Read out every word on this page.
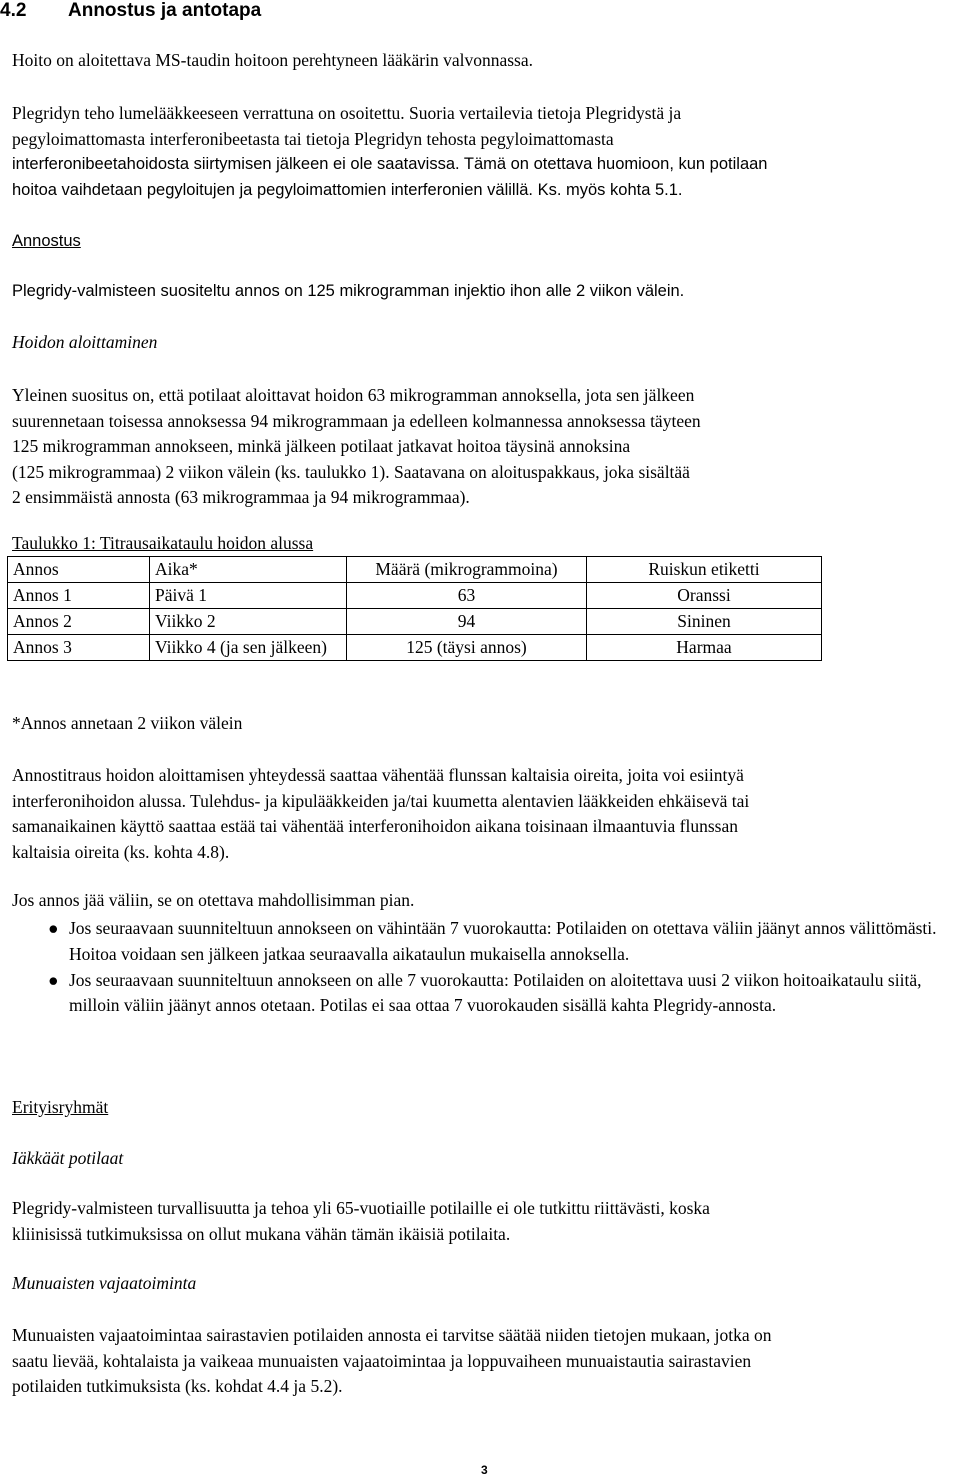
4.2 Annostus ja antotapa
Hoito on aloitettava MS-taudin hoitoon perehtyneen lääkärin valvonnassa.
Plegridyn teho lumelääkkeeseen verrattuna on osoitettu. Suoria vertailevia tietoja Plegridystä ja
pegyloimattomasta interferonibeetasta tai tietoja Plegridyn tehosta pegyloimattomasta
interferonibeetahoidosta siirtymisen jälkeen ei ole saatavissa. Tämä on otettava huomioon, kun potilaan
hoitoa vaihdetaan pegyloitujen ja pegyloimattomien interferonien välillä. Ks. myös kohta 5.1.
Annostus
Plegridy-valmisteen suositeltu annos on 125 mikrogramman injektio ihon alle 2 viikon välein.
Hoidon aloittaminen
Yleinen suositus on, että potilaat aloittavat hoidon 63 mikrogramman annoksella, jota sen jälkeen
suurennetaan toisessa annoksessa 94 mikrogrammaan ja edelleen kolmannessa annoksessa täyteen
125 mikrogramman annokseen, minkä jälkeen potilaat jatkavat hoitoa täysinä annoksina
(125 mikrogrammaa) 2 viikon välein (ks. taulukko 1). Saatavana on aloituspakkaus, joka sisältää
2 ensimmäistä annosta (63 mikrogrammaa ja 94 mikrogrammaa).
Taulukko 1: Titrausaikataulu hoidon alussa
Annos	Aika*	Määrä (mikrogrammoina)	Ruiskun etiketti
Annos 1	Päivä 1	63	Oranssi
Annos 2	Viikko 2	94	Sininen
Annos 3	Viikko 4 (ja sen jälkeen)	125 (täysi annos)	Harmaa
*Annos annetaan 2 viikon välein
Annostitraus hoidon aloittamisen yhteydessä saattaa vähentää flunssan kaltaisia oireita, joita voi esiintyä
interferonihoidon alussa. Tulehdus- ja kipulääkkeiden ja/tai kuumetta alentavien lääkkeiden ehkäisevä tai
samanaikainen käyttö saattaa estää tai vähentää interferonihoidon aikana toisinaan ilmaantuvia flunssan
kaltaisia oireita (ks. kohta 4.8).
Jos annos jää väliin, se on otettava mahdollisimman pian.
● Jos seuraavaan suunniteltuun annokseen on vähintään 7 vuorokautta: Potilaiden on otettava väliin jäänyt annos välittömästi. Hoitoa voidaan sen jälkeen jatkaa seuraavalla aikataulun mukaisella annoksella.
● Jos seuraavaan suunniteltuun annokseen on alle 7 vuorokautta: Potilaiden on aloitettava uusi 2 viikon hoitoaikataulu siitä, milloin väliin jäänyt annos otetaan. Potilas ei saa ottaa 7 vuorokauden sisällä kahta Plegridy-annosta.
Erityisryhmät
Iäkkäät potilaat
Plegridy-valmisteen turvallisuutta ja tehoa yli 65-vuotiaille potilaille ei ole tutkittu riittävästi, koska
kliinisissä tutkimuksissa on ollut mukana vähän tämän ikäisiä potilaita.
Munuaisten vajaatoiminta
Munuaisten vajaatoimintaa sairastavien potilaiden annosta ei tarvitse säätää niiden tietojen mukaan, jotka on
saatu lievää, kohtalaista ja vaikeaa munuaisten vajaatoimintaa ja loppuvaiheen munuaistautia sairastavien
potilaiden tutkimuksista (ks. kohdat 4.4 ja 5.2).
3
